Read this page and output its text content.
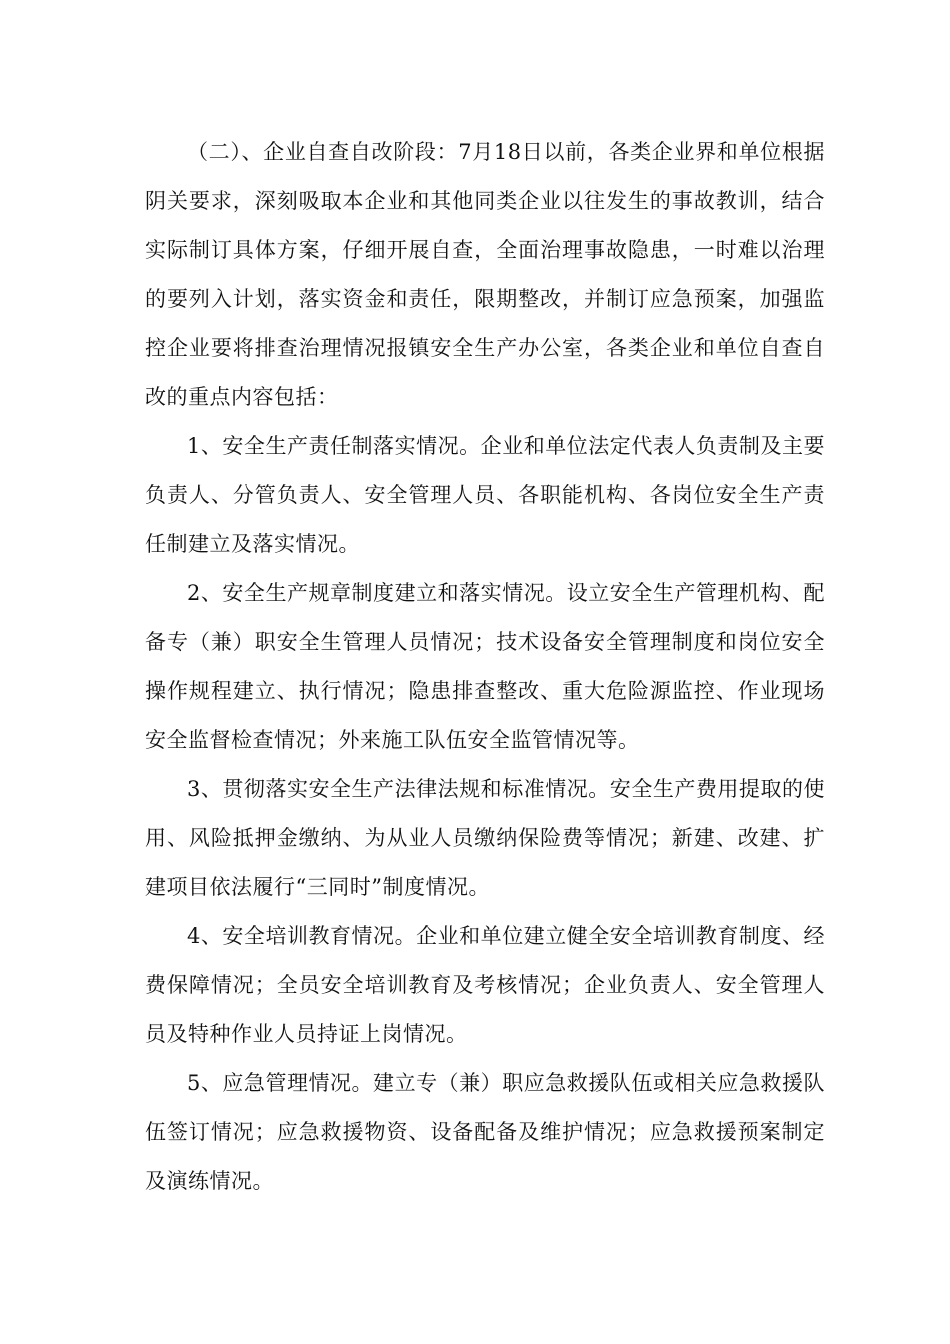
（二）、企业自查自改阶段：7月18日以前，各类企业界和单位根据阴关要求，深刻吸取本企业和其他同类企业以往发生的事故教训，结合实际制订具体方案，仔细开展自查，全面治理事故隐患，一时难以治理的要列入计划，落实资金和责任，限期整改，并制订应急预案，加强监控企业要将排查治理情况报镇安全生产办公室，各类企业和单位自查自改的重点内容包括：

1、安全生产责任制落实情况。企业和单位法定代表人负责制及主要负责人、分管负责人、安全管理人员、各职能机构、各岗位安全生产责任制建立及落实情况。

2、安全生产规章制度建立和落实情况。设立安全生产管理机构、配备专（兼）职安全生管理人员情况；技术设备安全管理制度和岗位安全操作规程建立、执行情况；隐患排查整改、重大危险源监控、作业现场安全监督检查情况；外来施工队伍安全监管情况等。

3、贯彻落实安全生产法律法规和标准情况。安全生产费用提取的使用、风险抵押金缴纳、为从业人员缴纳保险费等情况；新建、改建、扩建项目依法履行“三同时”制度情况。

4、安全培训教育情况。企业和单位建立健全安全培训教育制度、经费保障情况；全员安全培训教育及考核情况；企业负责人、安全管理人员及特种作业人员持证上岗情况。

5、应急管理情况。建立专（兼）职应急救援队伍或相关应急救援队伍签订情况；应急救援物资、设备配备及维护情况；应急救援预案制定及演练情况。
